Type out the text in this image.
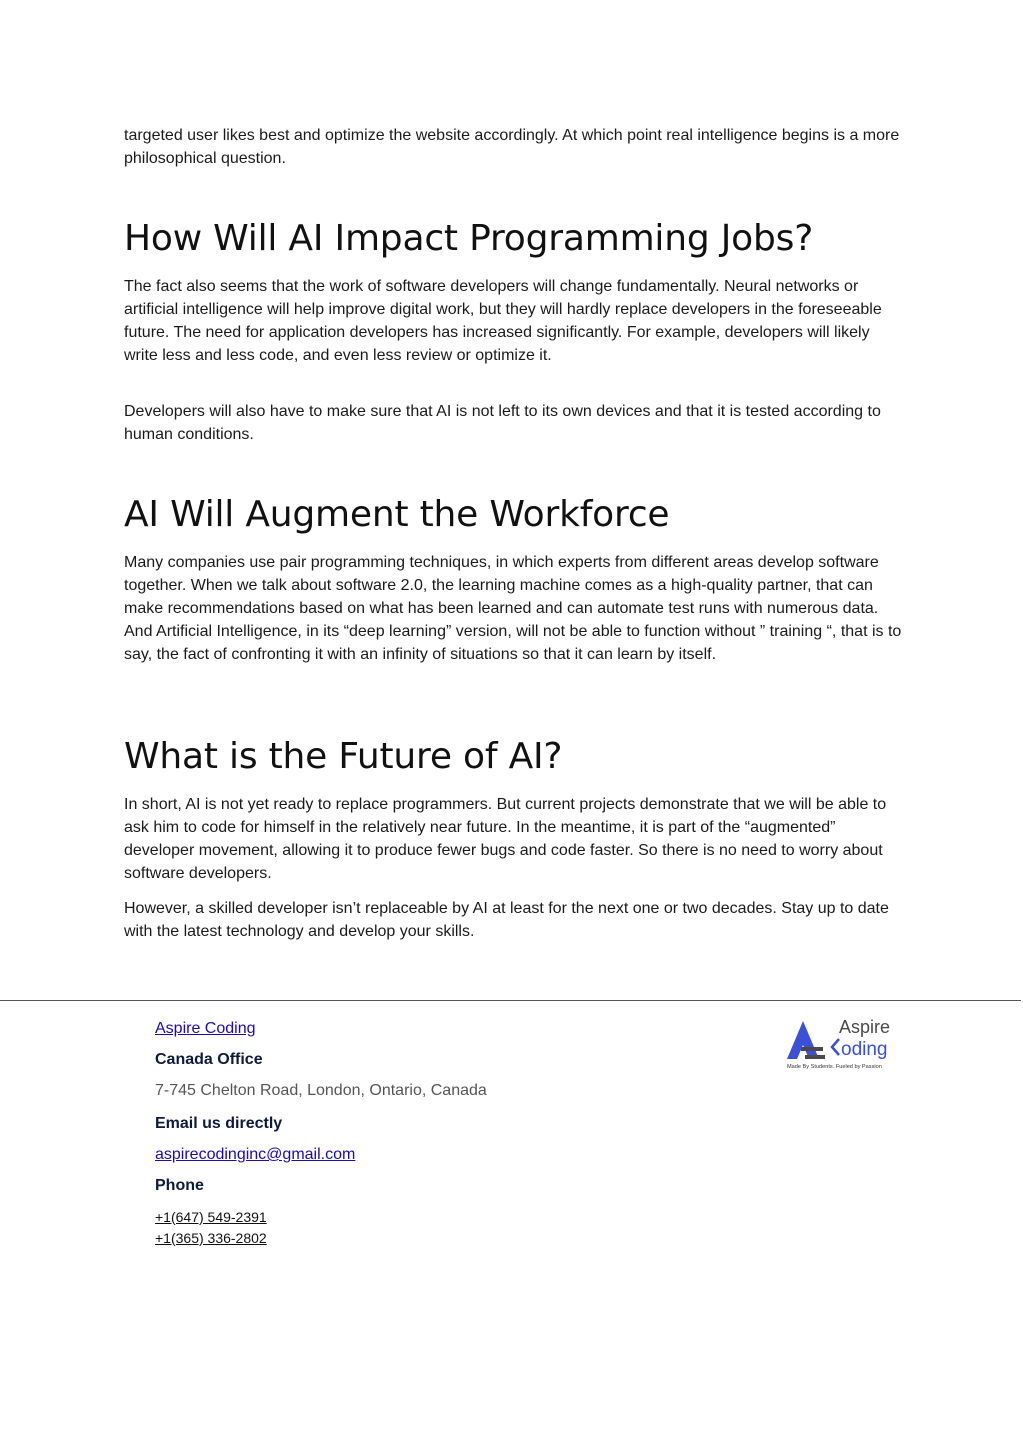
targeted user likes best and optimize the website accordingly. At which point real intelligence begins is a more philosophical question.

How Will AI Impact Programming Jobs?

The fact also seems that the work of software developers will change fundamentally. Neural networks or artificial intelligence will help improve digital work, but they will hardly replace developers in the foreseeable future. The need for application developers has increased significantly. For example, developers will likely write less and less code, and even less review or optimize it.

Developers will also have to make sure that AI is not left to its own devices and that it is tested according to human conditions.

AI Will Augment the Workforce

Many companies use pair programming techniques, in which experts from different areas develop software together. When we talk about software 2.0, the learning machine comes as a high-quality partner, that can make recommendations based on what has been learned and can automate test runs with numerous data. And Artificial Intelligence, in its “deep learning” version, will not be able to function without ” training “, that is to say, the fact of confronting it with an infinity of situations so that it can learn by itself.

What is the Future of AI?

In short, AI is not yet ready to replace programmers. But current projects demonstrate that we will be able to ask him to code for himself in the relatively near future. In the meantime, it is part of the “augmented” developer movement, allowing it to produce fewer bugs and code faster. So there is no need to worry about software developers.

However, a skilled developer isn’t replaceable by AI at least for the next one or two decades. Stay up to date with the latest technology and develop your skills.

Aspire Coding
Canada Office
7-745 Chelton Road, London, Ontario, Canada
Email us directly
aspirecodinginc@gmail.com
Phone
+1(647) 549-2391
+1(365) 336-2802
Aspire
oding
Made By Students. Fueled by Passion
